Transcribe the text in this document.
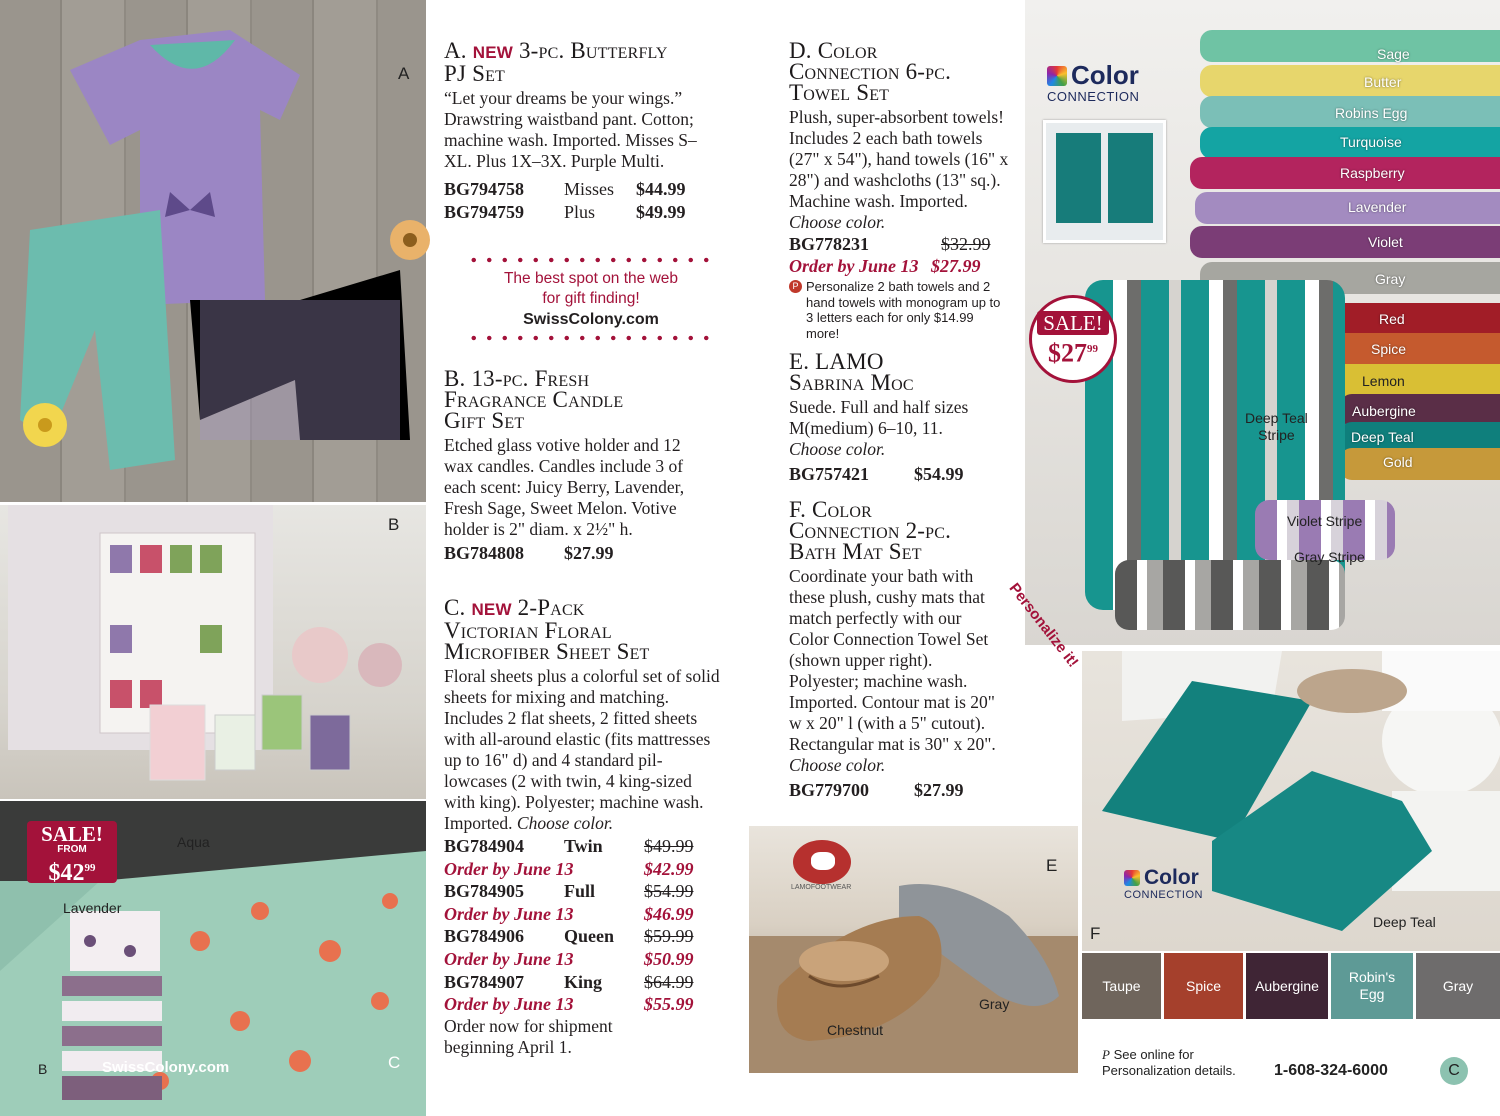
A
B
SALE!
FROM
$\$42^{99}$
Aqua
Lavender
SwissColony.com
B	C
A. NEW 3-pc. Butterfly
PJ Set
“Let your dreams be your wings.” Drawstring waistband pant. Cotton; machine wash. Imported. Misses S–XL. Plus 1X–3X. Purple Multi.
BG794758	Misses	$44.99
BG794759	Plus	$49.99
The best spot on the web
for gift finding!
SwissColony.com
B. 13-pc. Fresh
Fragrance Candle
Gift Set
Etched glass votive holder and 12 wax candles. Candles include 3 of each scent: Juicy Berry, Lavender, Fresh Sage, Sweet Melon. Votive holder is 2" diam. x 2½" h.
BG784808	$27.99
C. NEW 2-Pack
Victorian Floral
Microfiber Sheet Set
Floral sheets plus a colorful set of solid sheets for mixing and matching. Includes 2 flat sheets, 2 fitted sheets with all-around elastic (fits mattresses up to 16" d) and 4 standard pil-lowcases (2 with twin, 4 king-sized with king). Polyester; machine wash. Imported. Choose color.
BG784904	Twin	$49.99
Order by June 13	$42.99
BG784905	Full	$54.99
Order by June 13	$46.99
BG784906	Queen	$59.99
Order by June 13	$50.99
BG784907	King	$64.99
Order by June 13	$55.99
Order now for shipment beginning April 1.
D. Color
Connection 6-pc.
Towel Set
Plush, super-absorbent towels! Includes 2 each bath towels (27" x 54"), hand towels (16" x 28") and washcloths (13" sq.). Machine wash. Imported. Choose color.
BG778231	$32.99
Order by June 13 $27.99
P Personalize 2 bath towels and 2 hand towels with monogram up to 3 letters each for only $14.99 more!
E. LAMO
Sabrina Moc
Suede. Full and half sizes M(medium) 6–10, 11. Choose color.
BG757421	$54.99
F. Color
Connection 2-pc.
Bath Mat Set
Coordinate your bath with these plush, cushy mats that match perfectly with our Color Connection Towel Set (shown upper right). Polyester; machine wash. Imported. Contour mat is 20" w x 20" l (with a 5" cutout). Rectangular mat is 30" x 20". Choose color.
BG779700	$27.99
LAMOFOOTWEAR
E
Gray
Chestnut
Color
CONNECTION
Sage
Butter
Robins Egg
Turquoise
Raspberry
Lavender
Violet
Gray
Red
Spice
Lemon
Aubergine
Deep Teal
Gold
Deep Teal
Stripe
Violet Stripe
Gray Stripe
SALE!
$\$27^{99}$
Personalize it!
Color
CONNECTION
Deep Teal
F
Taupe	Spice Aubergine
Robin's Egg
Gray
P See online for
Personalization details. 1-608-324-6000	C
